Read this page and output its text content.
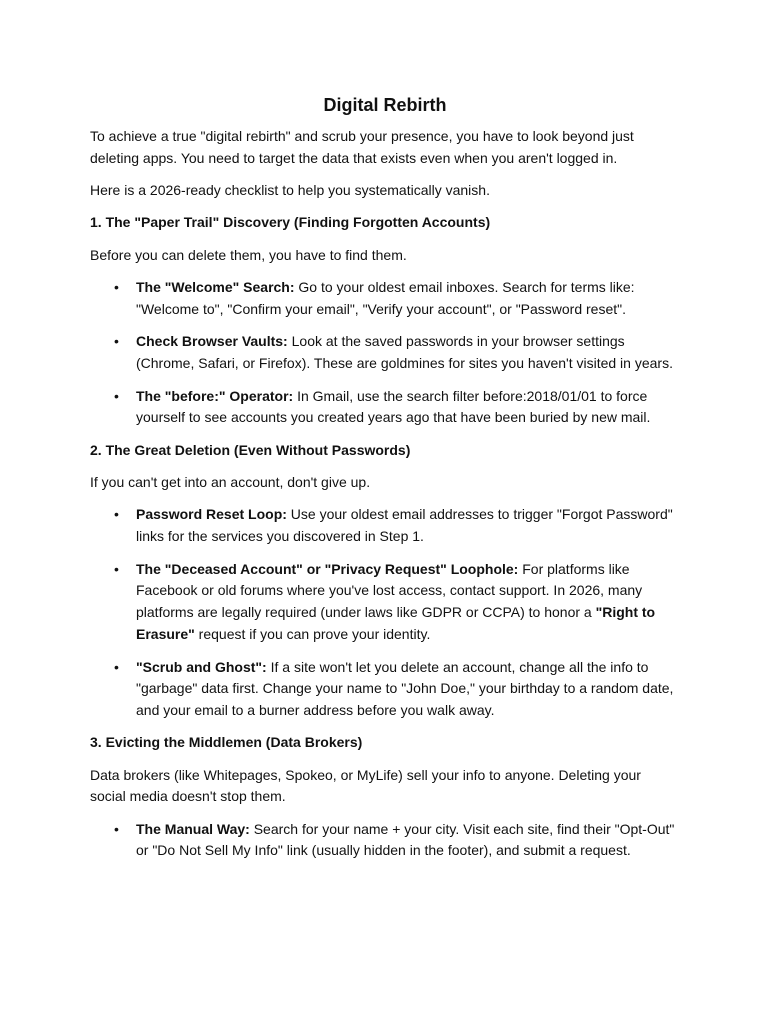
Digital Rebirth

To achieve a true "digital rebirth" and scrub your presence, you have to look beyond just deleting apps. You need to target the data that exists even when you aren't logged in.

Here is a 2026-ready checklist to help you systematically vanish.

1. The "Paper Trail" Discovery (Finding Forgotten Accounts)

Before you can delete them, you have to find them.

• The "Welcome" Search: Go to your oldest email inboxes. Search for terms like: "Welcome to", "Confirm your email", "Verify your account", or "Password reset".
• Check Browser Vaults: Look at the saved passwords in your browser settings (Chrome, Safari, or Firefox). These are goldmines for sites you haven't visited in years.
• The "before:" Operator: In Gmail, use the search filter before:2018/01/01 to force yourself to see accounts you created years ago that have been buried by new mail.
2. The Great Deletion (Even Without Passwords)

If you can't get into an account, don't give up.

• Password Reset Loop: Use your oldest email addresses to trigger "Forgot Password" links for the services you discovered in Step 1.
• The "Deceased Account" or "Privacy Request" Loophole: For platforms like Facebook or old forums where you've lost access, contact support. In 2026, many platforms are legally required (under laws like GDPR or CCPA) to honor a "Right to Erasure" request if you can prove your identity.
• "Scrub and Ghost": If a site won't let you delete an account, change all the info to "garbage" data first. Change your name to "John Doe," your birthday to a random date, and your email to a burner address before you walk away.
3. Evicting the Middlemen (Data Brokers)

Data brokers (like Whitepages, Spokeo, or MyLife) sell your info to anyone. Deleting your social media doesn't stop them.

• The Manual Way: Search for your name + your city. Visit each site, find their "Opt-Out" or "Do Not Sell My Info" link (usually hidden in the footer), and submit a request.
